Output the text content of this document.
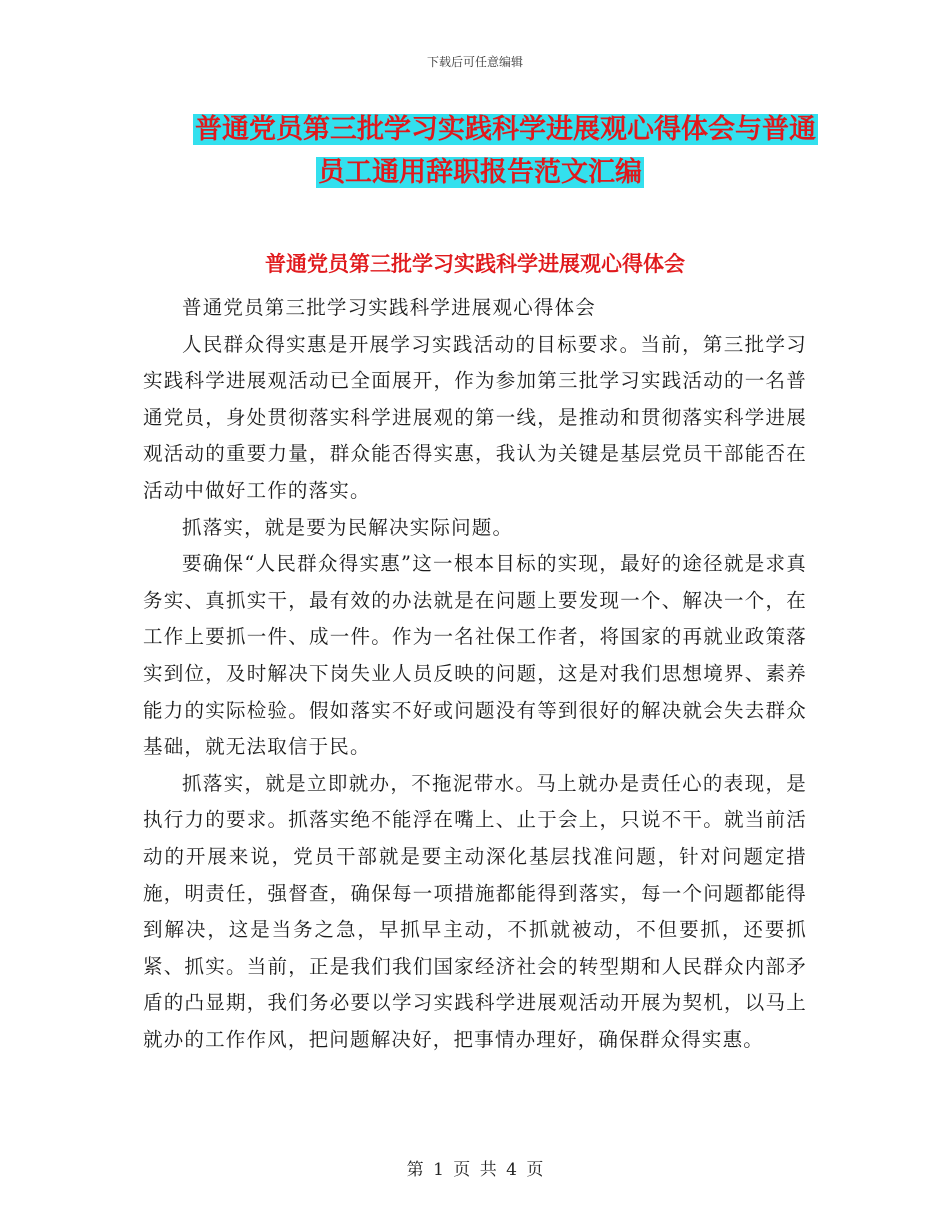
下载后可任意编辑
普通党员第三批学习实践科学进展观心得体会与普通
员工通用辞职报告范文汇编
普通党员第三批学习实践科学进展观心得体会

普通党员第三批学习实践科学进展观心得体会

人民群众得实惠是开展学习实践活动的目标要求。当前，第三批学习实践科学进展观活动已全面展开，作为参加第三批学习实践活动的一名普通党员，身处贯彻落实科学进展观的第一线，是推动和贯彻落实科学进展观活动的重要力量，群众能否得实惠，我认为关键是基层党员干部能否在活动中做好工作的落实。

抓落实，就是要为民解决实际问题。

要确保“人民群众得实惠”这一根本目标的实现，最好的途径就是求真务实、真抓实干，最有效的办法就是在问题上要发现一个、解决一个，在工作上要抓一件、成一件。作为一名社保工作者，将国家的再就业政策落实到位，及时解决下岗失业人员反映的问题，这是对我们思想境界、素养能力的实际检验。假如落实不好或问题没有等到很好的解决就会失去群众基础，就无法取信于民。

抓落实，就是立即就办，不拖泥带水。马上就办是责任心的表现，是执行力的要求。抓落实绝不能浮在嘴上、止于会上，只说不干。就当前活动的开展来说，党员干部就是要主动深化基层找准问题，针对问题定措施，明责任，强督查，确保每一项措施都能得到落实，每一个问题都能得到解决，这是当务之急，早抓早主动，不抓就被动，不但要抓，还要抓紧、抓实。当前，正是我们我们国家经济社会的转型期和人民群众内部矛盾的凸显期，我们务必要以学习实践科学进展观活动开展为契机，以马上就办的工作作风，把问题解决好，把事情办理好，确保群众得实惠。

第 1 页 共 4 页
